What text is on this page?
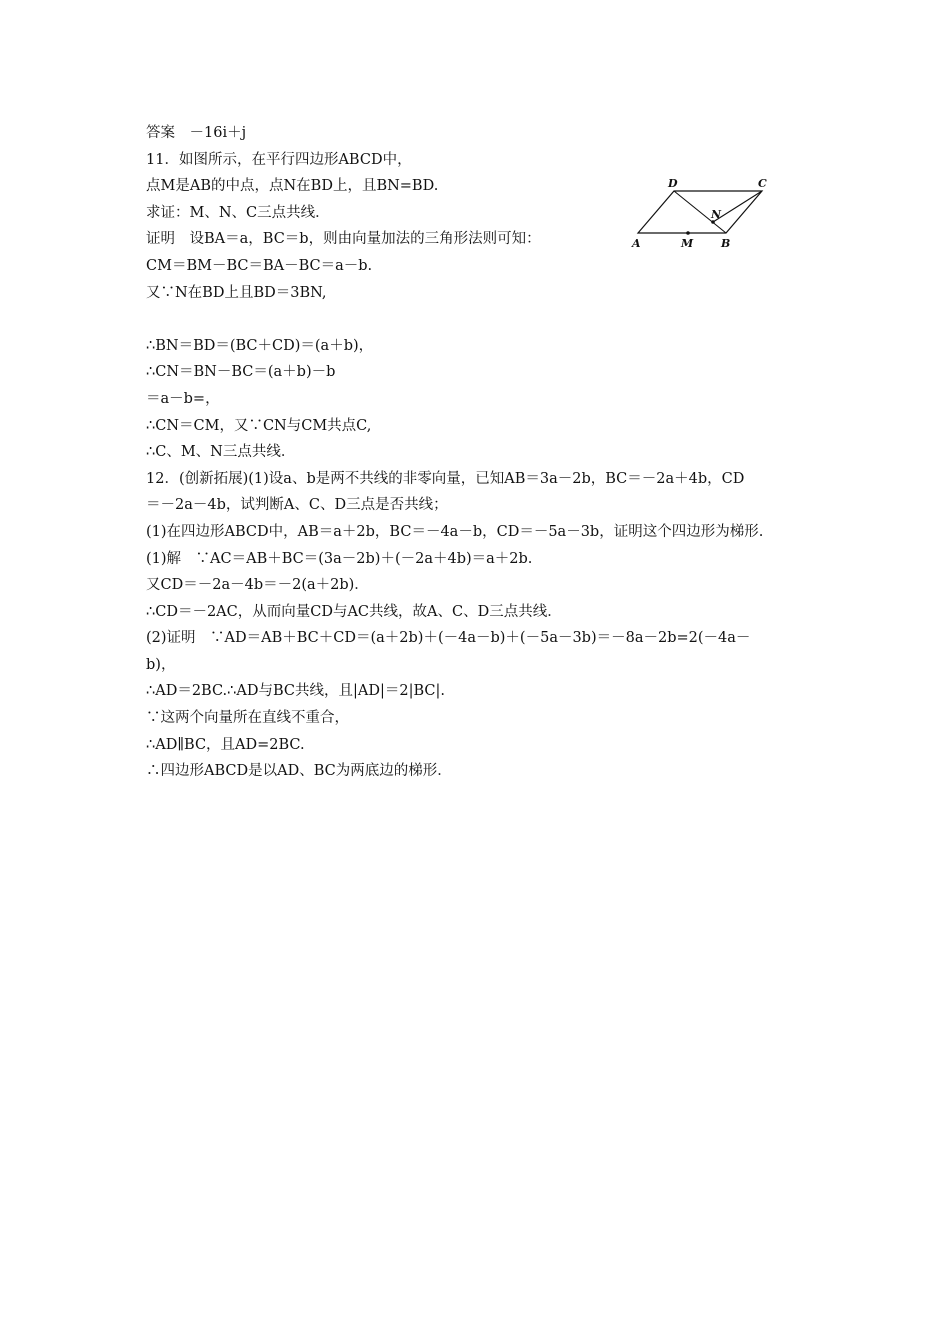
答案　－16i＋j
11．如图所示，在平行四边形ABCD中，
点M是AB的中点，点N在BD上，且BN=BD.
求证：M、N、C三点共线．
证明　设BA＝a，BC＝b，则由向量加法的三角形法则可知：
CM＝BM－BC＝BA－BC＝a－b.
又∵N在BD上且BD＝3BN,
∴BN＝BD＝(BC＋CD)＝(a＋b)，
∴CN＝BN－BC＝(a＋b)－b
＝a－b=，
∴CN＝CM，又∵CN与CM共点C,
∴C、M、N三点共线．
12．(创新拓展)(1)设a、b是两不共线的非零向量，已知AB＝3a－2b，BC＝－2a＋4b，CD
＝－2a－4b，试判断A、C、D三点是否共线；
(1)在四边形ABCD中，AB＝a＋2b，BC＝－4a－b，CD＝－5a－3b，证明这个四边形为梯形.
(1)解　∵AC＝AB＋BC＝(3a－2b)＋(－2a＋4b)＝a＋2b.
又CD＝－2a－4b＝－2(a＋2b)．
∴CD＝－2AC，从而向量CD与AC共线，故A、C、D三点共线．
(2)证明　∵AD＝AB＋BC＋CD＝(a＋2b)＋(－4a－b)＋(－5a－3b)＝－8a－2b=2(－4a－
b)，
∴AD＝2BC.∴AD与BC共线，且|AD|＝2|BC|.
∵这两个向量所在直线不重合，
∴AD∥BC，且AD=2BC.
∴四边形ABCD是以AD、BC为两底边的梯形．
A	M	B
D	C
N
